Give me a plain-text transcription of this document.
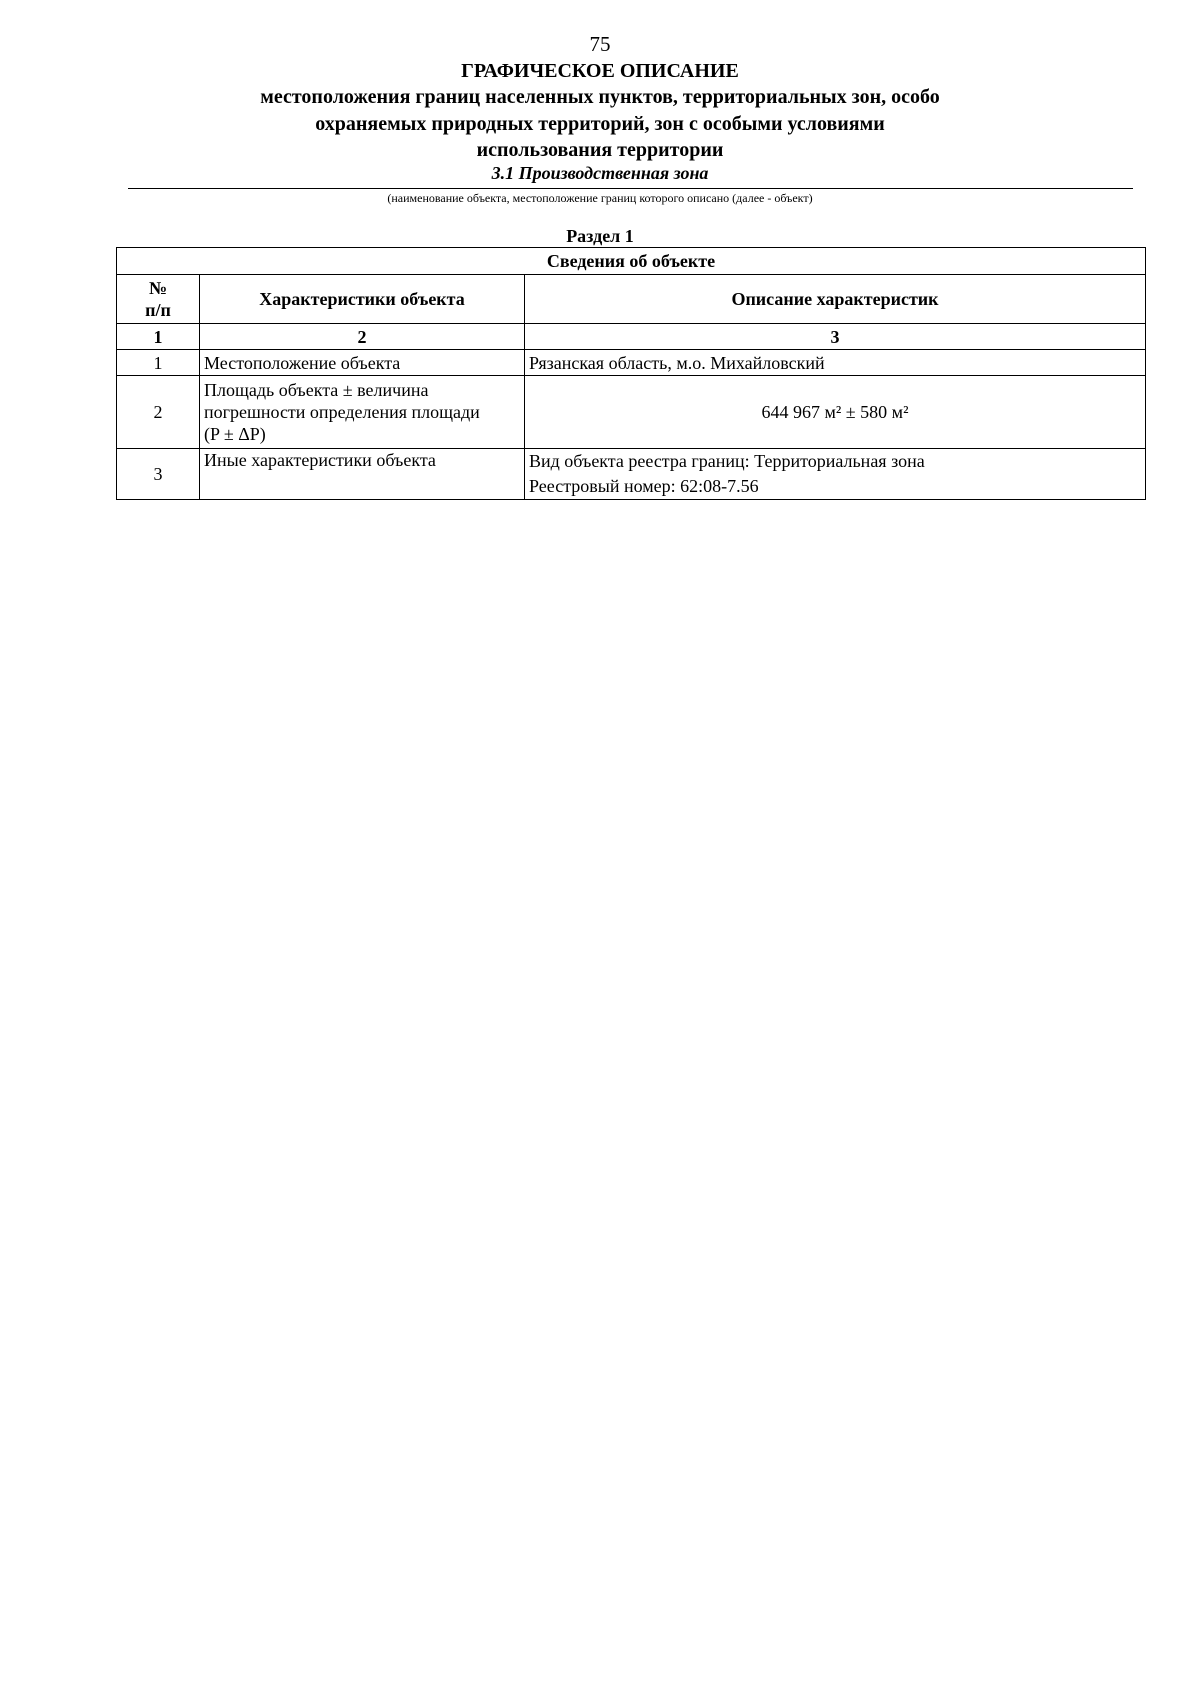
75
ГРАФИЧЕСКОЕ ОПИСАНИЕ
местоположения границ населенных пунктов, территориальных зон, особо охраняемых природных территорий, зон с особыми условиями использования территории
3.1 Производственная зона
(наименование объекта, местоположение границ которого описано (далее - объект)
Раздел 1
Сведения об объекте		

№
п/п	Характеристики объекта	Описание характеристик
1	2	3
1	Местоположение объекта	Рязанская область, м.о. Михайловский
2	Площадь объекта ± величина
погрешности определения площади
(P ± ΔP)	644 967 м² ± 580 м²
3	Иные характеристики объекта	Вид объекта реестра границ: Территориальная зона
Реестровый номер: 62:08-7.56
